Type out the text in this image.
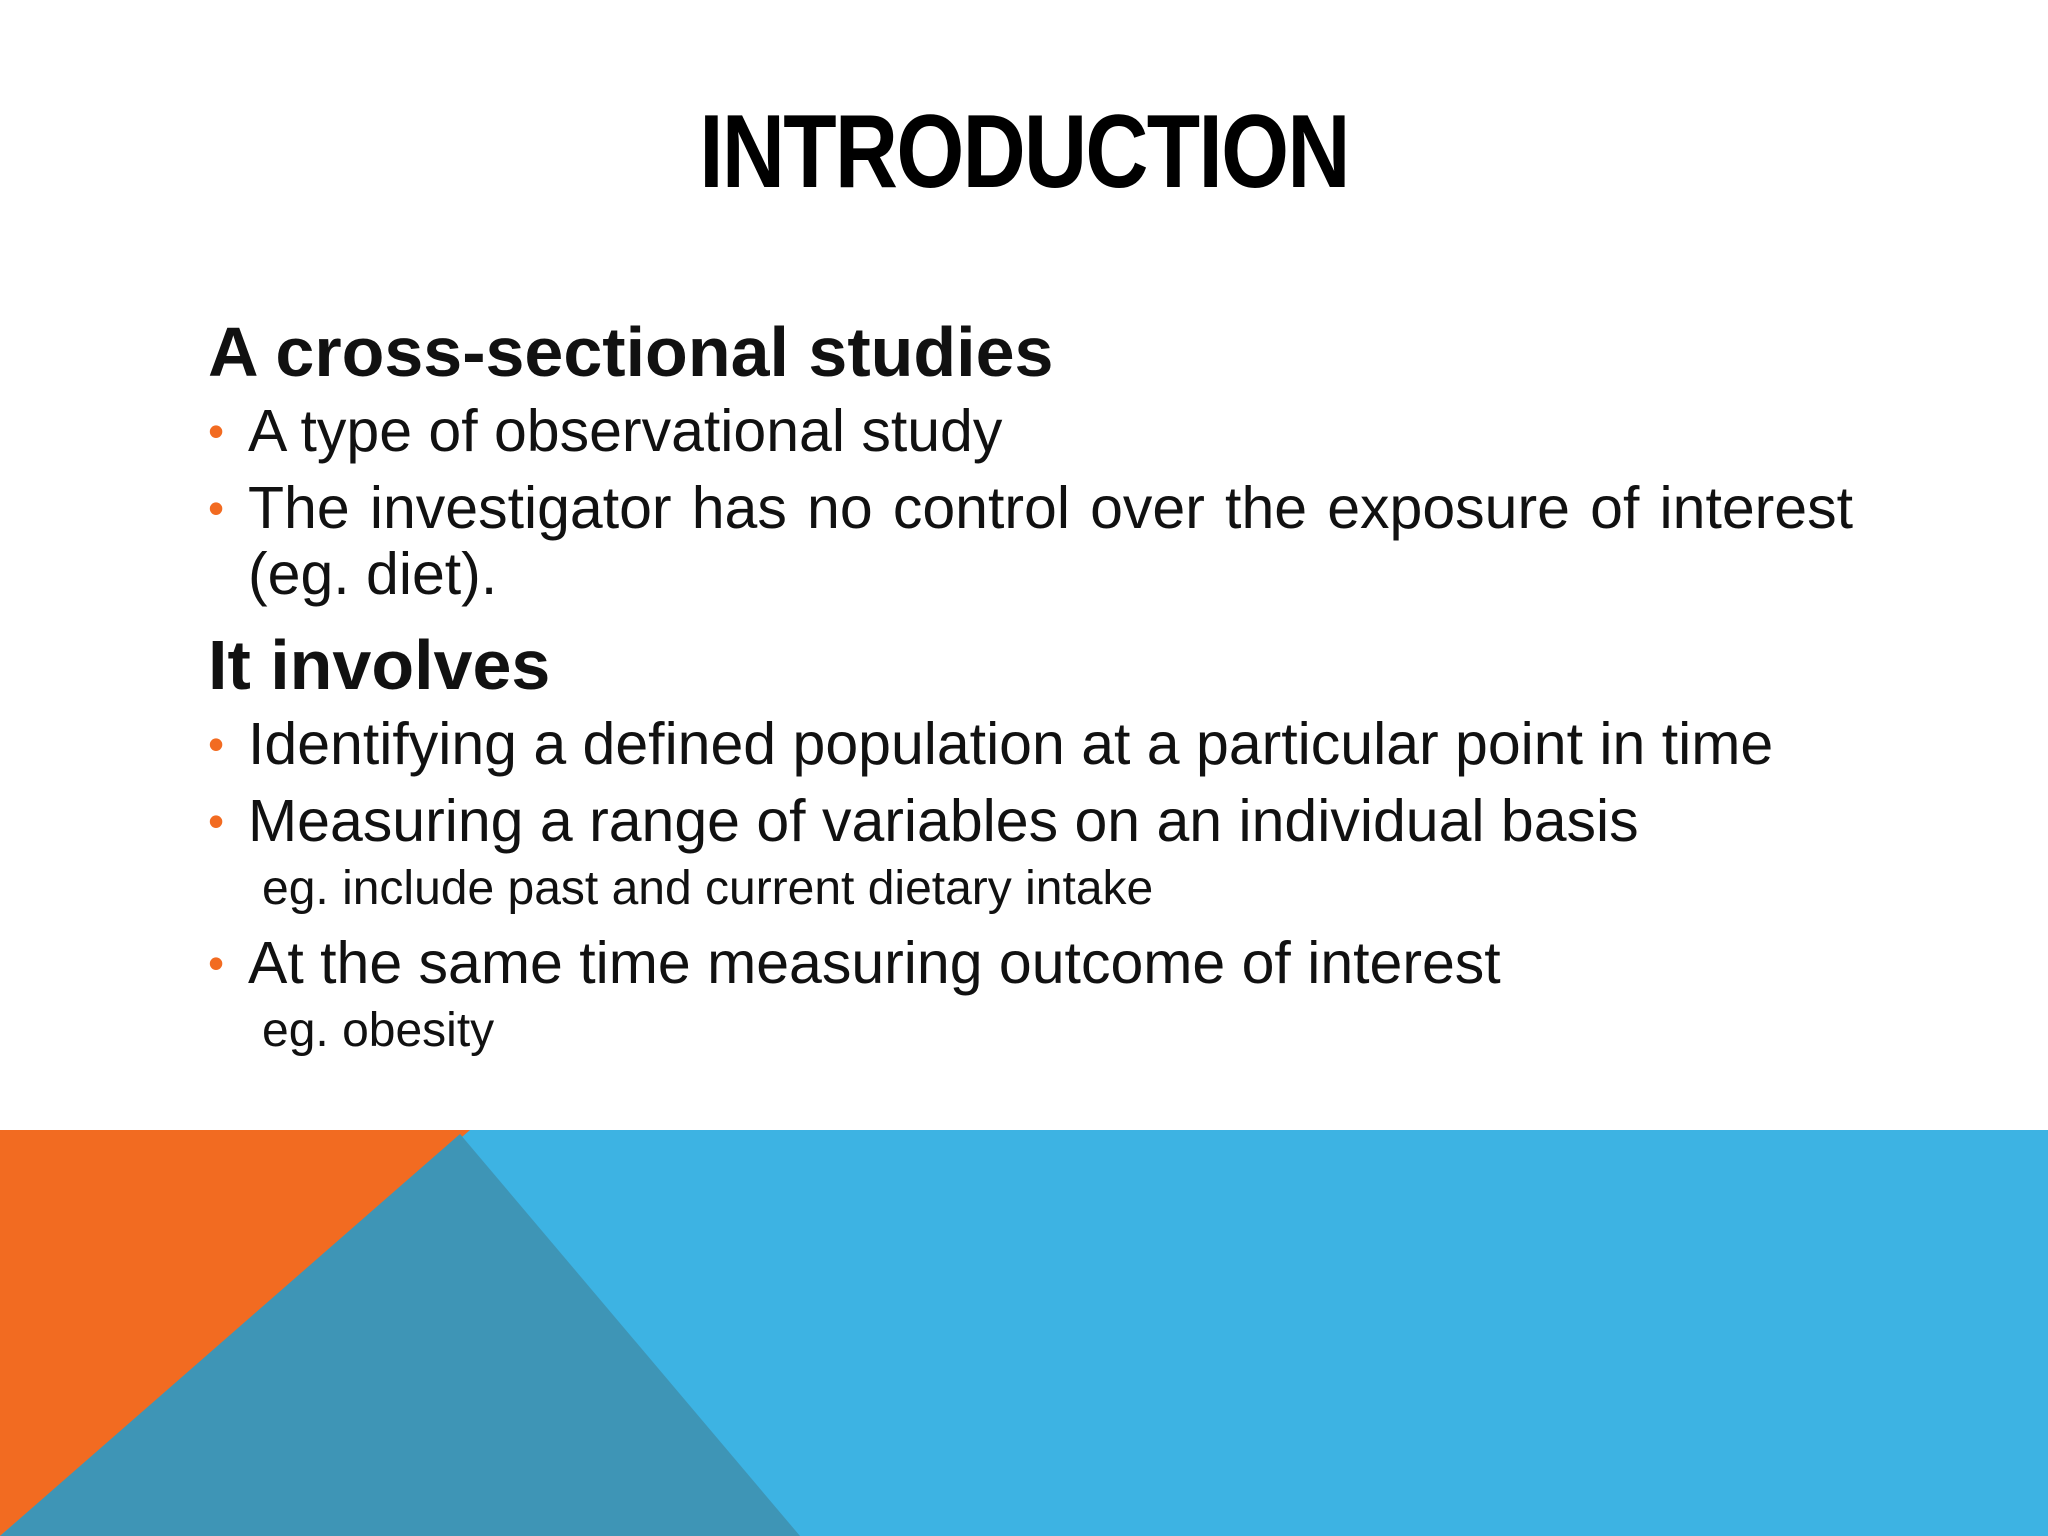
INTRODUCTION
A cross-sectional studies
• A type of observational study
• The investigator has no control over the exposure of interest (eg. diet).
It involves
• Identifying a defined population at a particular point in time
• Measuring a range of variables on an individual basis
eg. include past and current dietary intake
• At the same time measuring outcome of interest
eg. obesity
